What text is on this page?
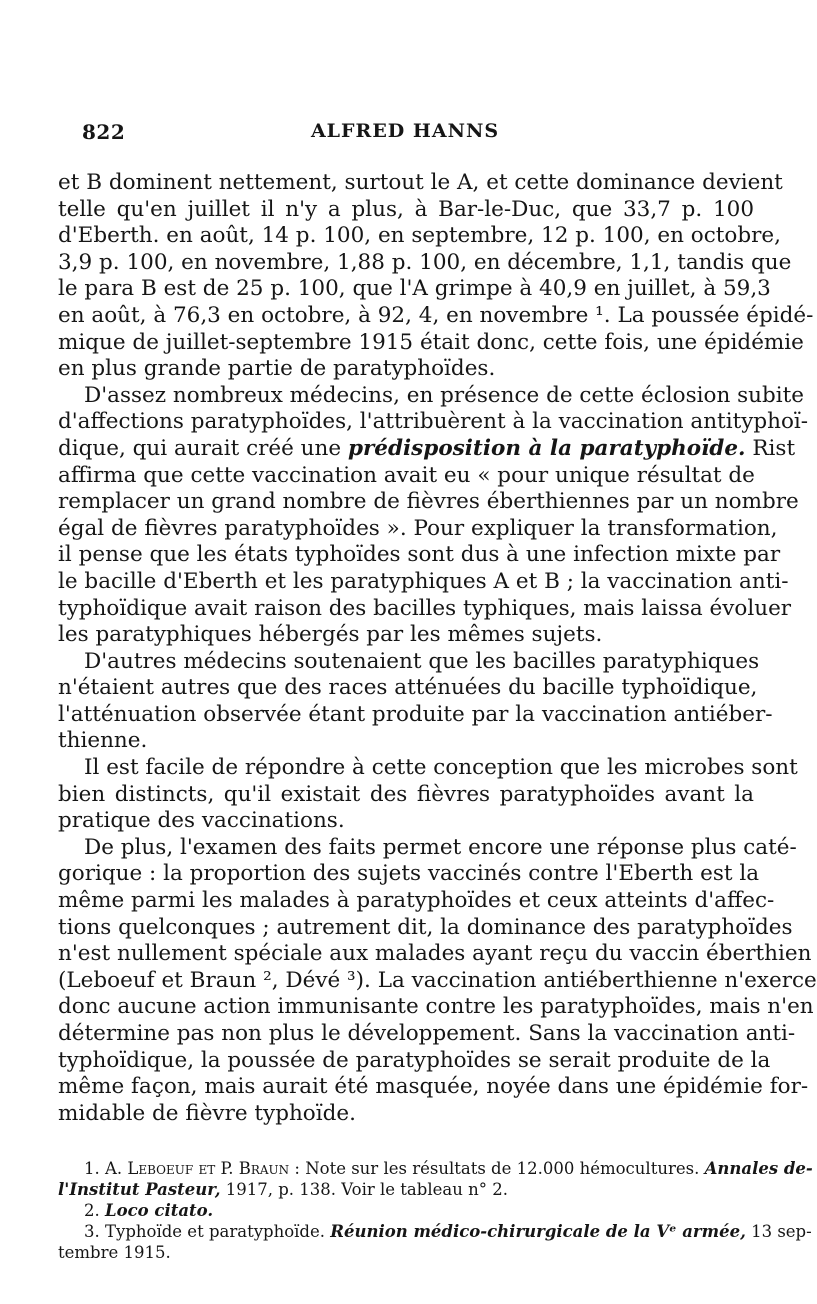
822	ALFRED HANNS
et B dominent nettement, surtout le A, et cette dominance devient
telle qu'en juillet il n'y a plus, à Bar-le-Duc, que 33,7 p. 100
d'Eberth. en août, 14 p. 100, en septembre, 12 p. 100, en octobre,
3,9 p. 100, en novembre, 1,88 p. 100, en décembre, 1,1, tandis que
le para B est de 25 p. 100, que l'A grimpe à 40,9 en juillet, à 59,3
en août, à 76,3 en octobre, à 92, 4, en novembre ¹. La poussée épidé-
mique de juillet-septembre 1915 était donc, cette fois, une épidémie
en plus grande partie de paratyphoïdes.
D'assez nombreux médecins, en présence de cette éclosion subite
d'affections paratyphoïdes, l'attribuèrent à la vaccination antityphoï-
dique, qui aurait créé une prédisposition à la paratyphoïde. Rist
affirma que cette vaccination avait eu « pour unique résultat de
remplacer un grand nombre de fièvres éberthiennes par un nombre
égal de fièvres paratyphoïdes ». Pour expliquer la transformation,
il pense que les états typhoïdes sont dus à une infection mixte par
le bacille d'Eberth et les paratyphiques A et B ; la vaccination anti-
typhoïdique avait raison des bacilles typhiques, mais laissa évoluer
les paratyphiques hébergés par les mêmes sujets.
D'autres médecins soutenaient que les bacilles paratyphiques
n'étaient autres que des races atténuées du bacille typhoïdique,
l'atténuation observée étant produite par la vaccination antiéber-
thienne.
Il est facile de répondre à cette conception que les microbes sont
bien distincts, qu'il existait des fièvres paratyphoïdes avant la
pratique des vaccinations.
De plus, l'examen des faits permet encore une réponse plus caté-
gorique : la proportion des sujets vaccinés contre l'Eberth est la
même parmi les malades à paratyphoïdes et ceux atteints d'affec-
tions quelconques ; autrement dit, la dominance des paratyphoïdes
n'est nullement spéciale aux malades ayant reçu du vaccin éberthien
(Leboeuf et Braun ², Dévé ³). La vaccination antiéberthienne n'exerce
donc aucune action immunisante contre les paratyphoïdes, mais n'en
détermine pas non plus le développement. Sans la vaccination anti-
typhoïdique, la poussée de paratyphoïdes se serait produite de la
même façon, mais aurait été masquée, noyée dans une épidémie for-
midable de fièvre typhoïde.
1. A. Leboeuf et P. Braun : Note sur les résultats de 12.000 hémocultures. Annales de-
l'Institut Pasteur, 1917, p. 138. Voir le tableau n° 2.
2. Loco citato.
3. Typhoïde et paratyphoïde. Réunion médico-chirurgicale de la Vᵉ armée, 13 sep-
tembre 1915.
